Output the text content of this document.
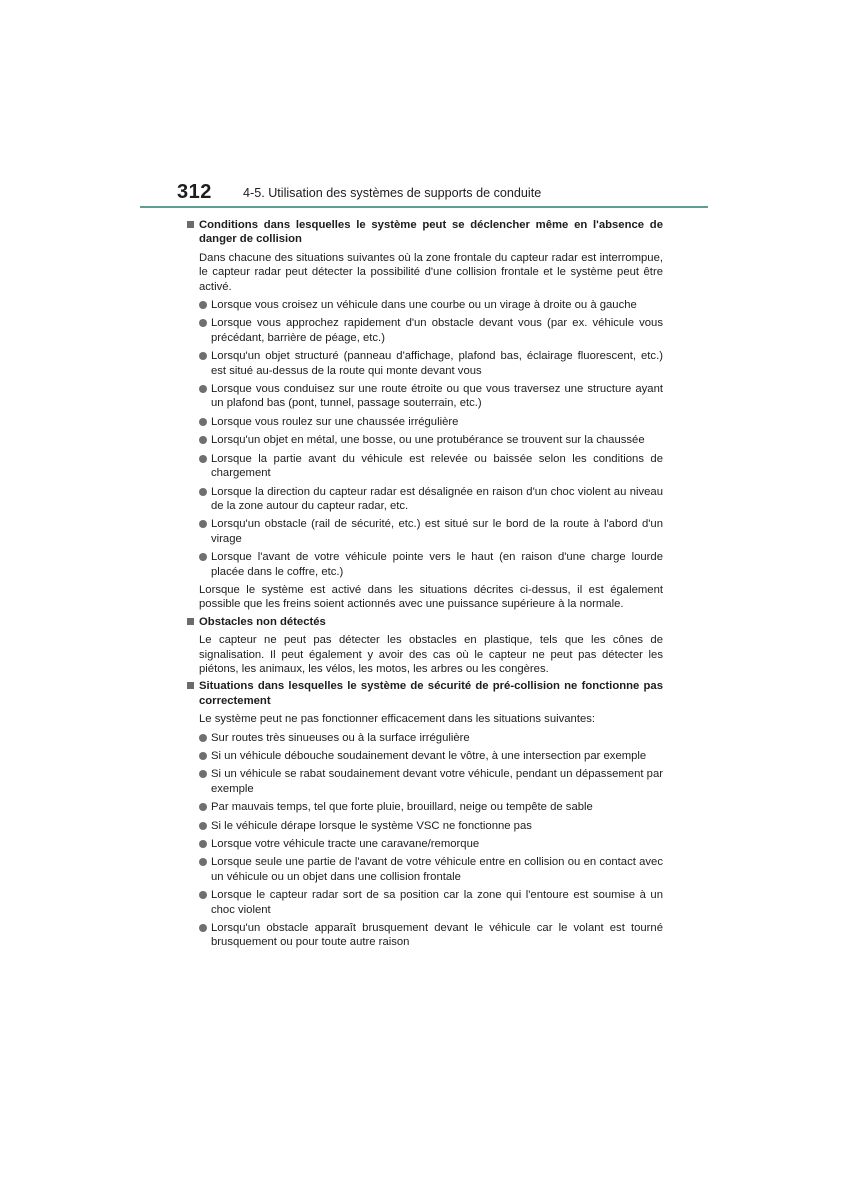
312 4-5. Utilisation des systèmes de supports de conduite
Conditions dans lesquelles le système peut se déclencher même en l'absence de danger de collision
Dans chacune des situations suivantes où la zone frontale du capteur radar est interrompue, le capteur radar peut détecter la possibilité d'une collision frontale et le système peut être activé.
Lorsque vous croisez un véhicule dans une courbe ou un virage à droite ou à gauche
Lorsque vous approchez rapidement d'un obstacle devant vous (par ex. véhicule vous précédant, barrière de péage, etc.)
Lorsqu'un objet structuré (panneau d'affichage, plafond bas, éclairage fluorescent, etc.) est situé au-dessus de la route qui monte devant vous
Lorsque vous conduisez sur une route étroite ou que vous traversez une structure ayant un plafond bas (pont, tunnel, passage souterrain, etc.)
Lorsque vous roulez sur une chaussée irrégulière
Lorsqu'un objet en métal, une bosse, ou une protubérance se trouvent sur la chaussée
Lorsque la partie avant du véhicule est relevée ou baissée selon les conditions de chargement
Lorsque la direction du capteur radar est désalignée en raison d'un choc violent au niveau de la zone autour du capteur radar, etc.
Lorsqu'un obstacle (rail de sécurité, etc.) est situé sur le bord de la route à l'abord d'un virage
Lorsque l'avant de votre véhicule pointe vers le haut (en raison d'une charge lourde placée dans le coffre, etc.)
Lorsque le système est activé dans les situations décrites ci-dessus, il est également possible que les freins soient actionnés avec une puissance supérieure à la normale.
Obstacles non détectés
Le capteur ne peut pas détecter les obstacles en plastique, tels que les cônes de signalisation. Il peut également y avoir des cas où le capteur ne peut pas détecter les piétons, les animaux, les vélos, les motos, les arbres ou les congères.
Situations dans lesquelles le système de sécurité de pré-collision ne fonctionne pas correctement
Le système peut ne pas fonctionner efficacement dans les situations suivantes:
Sur routes très sinueuses ou à la surface irrégulière
Si un véhicule débouche soudainement devant le vôtre, à une intersection par exemple
Si un véhicule se rabat soudainement devant votre véhicule, pendant un dépassement par exemple
Par mauvais temps, tel que forte pluie, brouillard, neige ou tempête de sable
Si le véhicule dérape lorsque le système VSC ne fonctionne pas
Lorsque votre véhicule tracte une caravane/remorque
Lorsque seule une partie de l'avant de votre véhicule entre en collision ou en contact avec un véhicule ou un objet dans une collision frontale
Lorsque le capteur radar sort de sa position car la zone qui l'entoure est soumise à un choc violent
Lorsqu'un obstacle apparaît brusquement devant le véhicule car le volant est tourné brusquement ou pour toute autre raison
